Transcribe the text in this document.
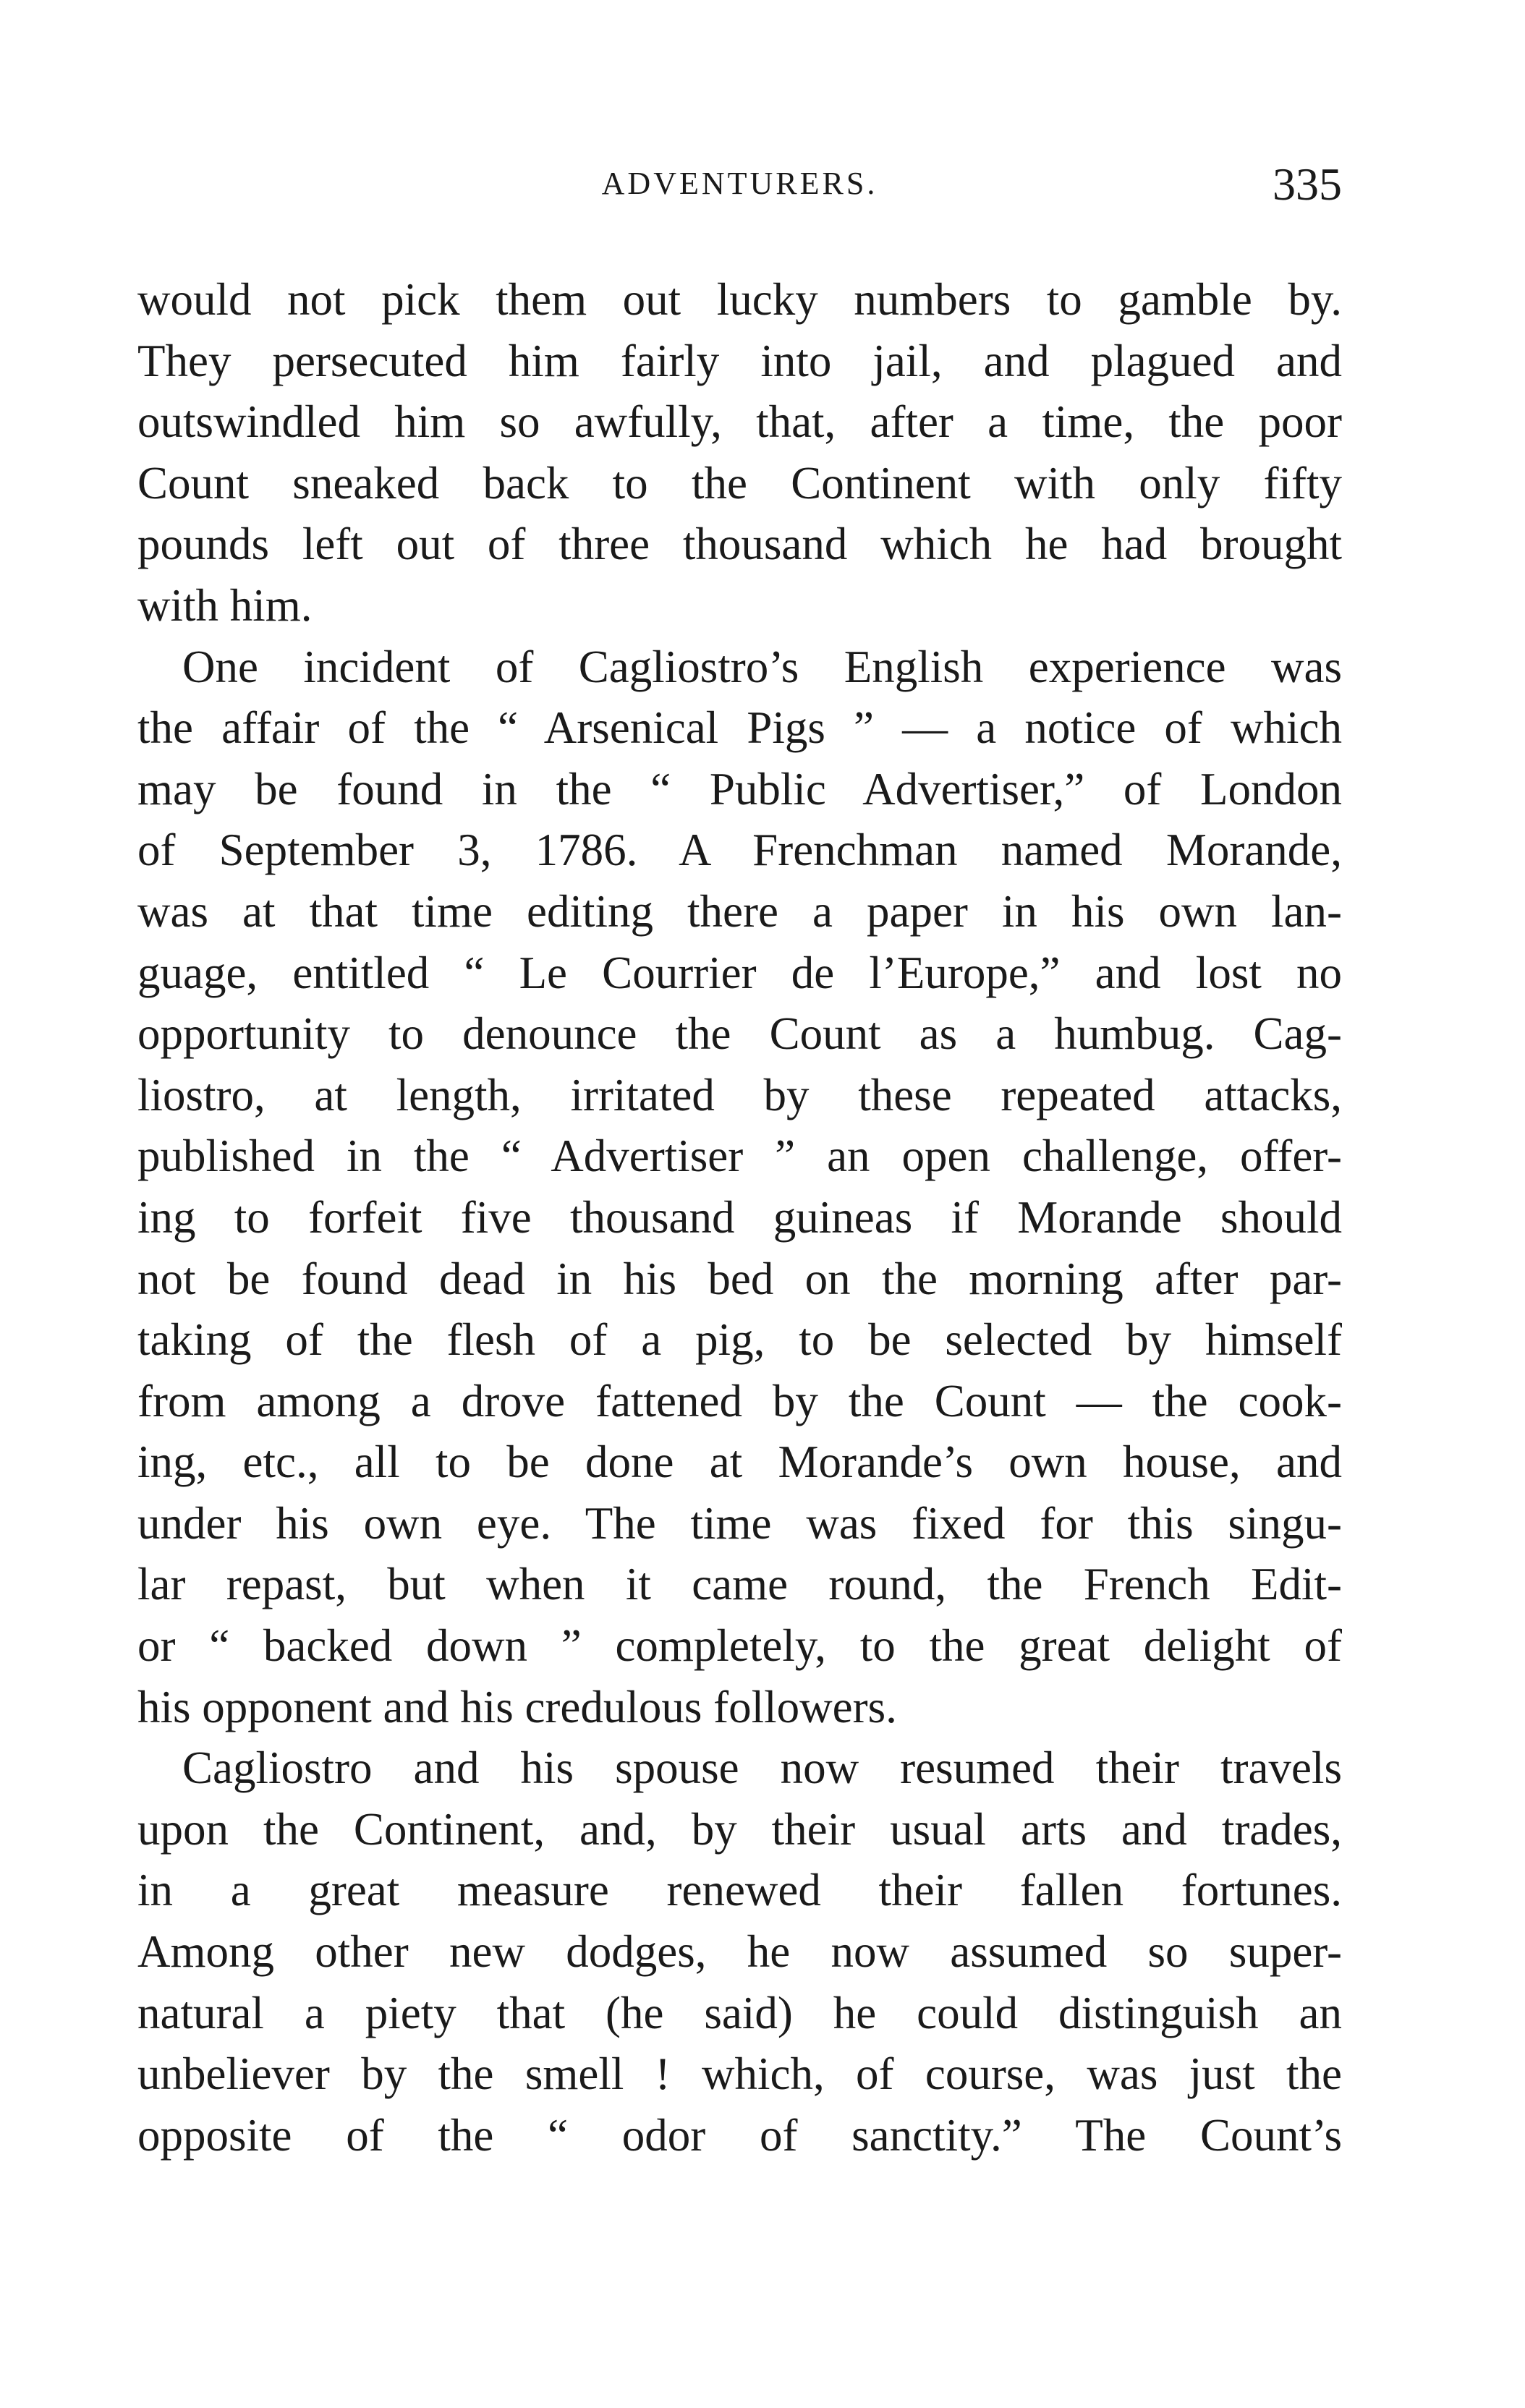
ADVENTURERS.	335
would not pick them out lucky numbers to gamble by.
They persecuted him fairly into jail, and plagued and
outswindled him so awfully, that, after a time, the poor
Count sneaked back to the Continent with only fifty
pounds left out of three thousand which he had brought
with him.
One incident of Cagliostro’s English experience was
the affair of the “ Arsenical Pigs ” — a notice of which
may be found in the “ Public Advertiser,” of London
of September 3, 1786. A Frenchman named Morande,
was at that time editing there a paper in his own lan-
guage, entitled “ Le Courrier de l’Europe,” and lost no
opportunity to denounce the Count as a humbug. Cag-
liostro, at length, irritated by these repeated attacks,
published in the “ Advertiser ” an open challenge, offer-
ing to forfeit five thousand guineas if Morande should
not be found dead in his bed on the morning after par-
taking of the flesh of a pig, to be selected by himself
from among a drove fattened by the Count — the cook-
ing, etc., all to be done at Morande’s own house, and
under his own eye. The time was fixed for this singu-
lar repast, but when it came round, the French Edit-
or “ backed down ” completely, to the great delight of
his opponent and his credulous followers.
Cagliostro and his spouse now resumed their travels
upon the Continent, and, by their usual arts and trades,
in a great measure renewed their fallen fortunes.
Among other new dodges, he now assumed so super-
natural a piety that (he said) he could distinguish an
unbeliever by the smell ! which, of course, was just the
opposite of the “ odor of sanctity.” The Count’s
